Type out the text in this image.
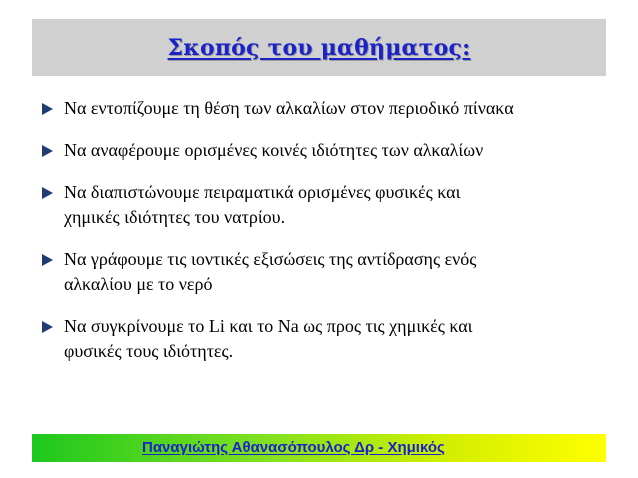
Σκοπός του μαθήματος:
Να εντοπίζουμε τη θέση των αλκαλίων στον περιοδικό πίνακα
Να αναφέρουμε ορισμένες κοινές ιδιότητες των αλκαλίων
Να διαπιστώνουμε πειραματικά ορισμένες φυσικές και
χημικές ιδιότητες του νατρίου.
Να γράφουμε τις ιοντικές εξισώσεις της αντίδρασης ενός
αλκαλίου με το νερό
Να συγκρίνουμε το Li και το Na ως προς τις χημικές και
φυσικές τους ιδιότητες.
Παναγιώτης Αθανασόπουλος Δρ - Χημικός
